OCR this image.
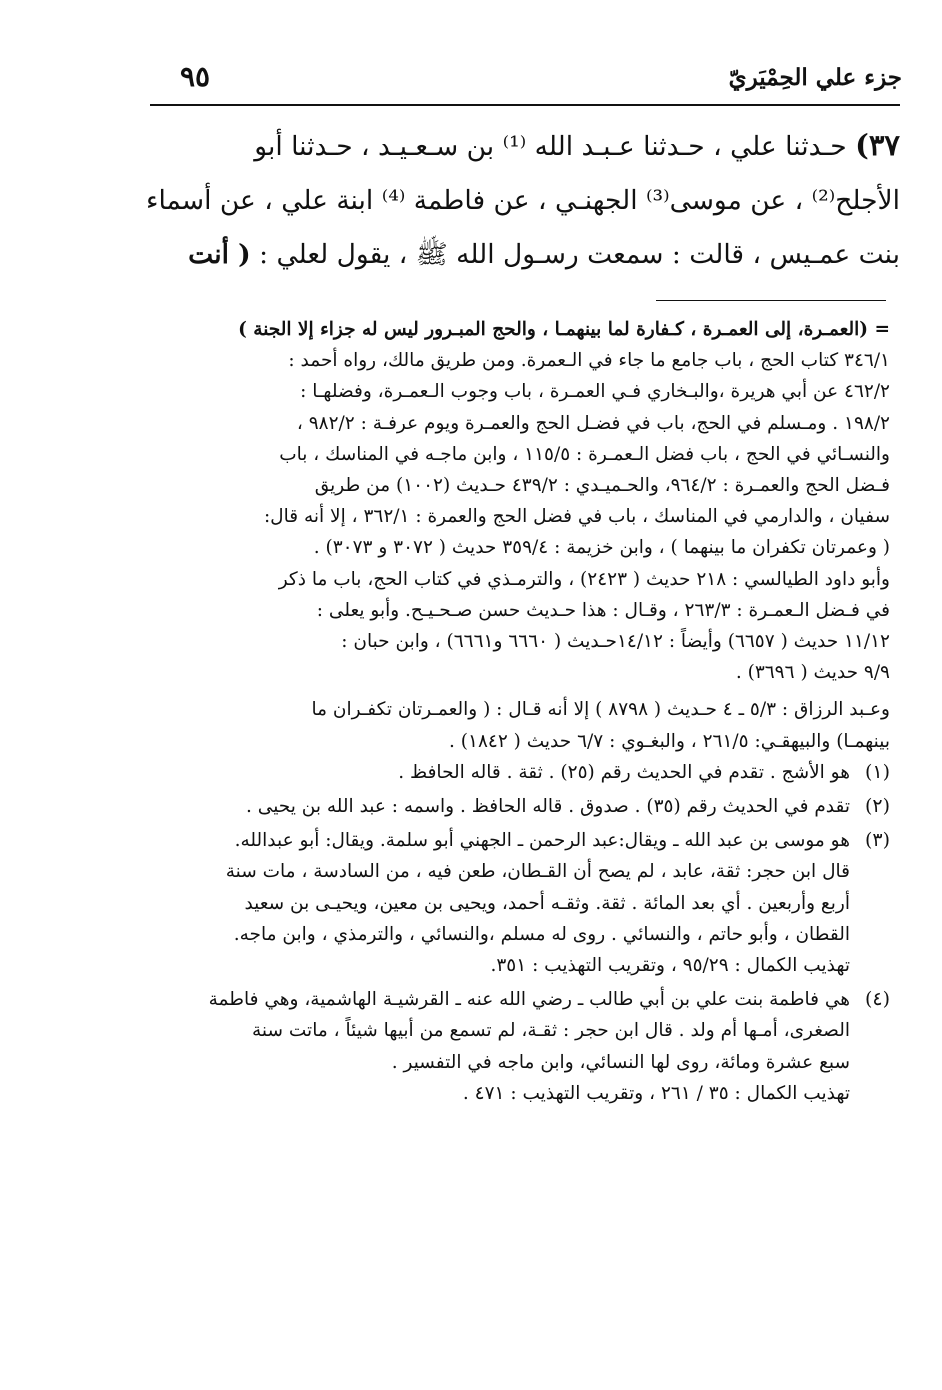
جزء علي الحِمْيَريّ
٩٥
٣٧) حـدثنا علي ، حـدثنا عـبـد الله ⁽¹⁾ بن سـعـيـد ، حـدثنا أبو
الأجلح⁽²⁾ ، عن موسى⁽³⁾ الجهنـي ، عن فاطمة ⁽⁴⁾ ابنة علي ، عن أسماء
بنت عمـيس ، قالت : سمعت رسـول الله ﷺ ، يقول لعلي : ( أنت
= (العمـرة، إلى العمـرة ، كـفارة لما بينهمـا ، والحج المبـرور ليس له جزاء إلا الجنة )
٣٤٦/١ كتاب الحج ، باب جامع ما جاء في الـعمرة. ومن طريق مالك، رواه أحمد :
٤٦٢/٢ عن أبي هريرة ،والبـخاري فـي العمـرة ، باب وجوب الـعمـرة، وفضلهـا :
١٩٨/٢ . ومـسلم في الحج، باب في فضـل الحج والعمـرة ويوم عرفـة : ٩٨٢/٢ ،
والنسـائي في الحج ، باب فضل الـعمـرة : ١١٥/٥ ، وابن ماجـه في المناسك ، باب
فـضل الحج والعمـرة : ٩٦٤/٢، والحـميـدي : ٤٣٩/٢ حـديث (١٠٠٢) من طريق
سفيان ، والدارمي في المناسك ، باب في فضل الحج والعمرة : ٣٦٢/١ ، إلا أنه قال:
( وعمرتان تكفران ما بينهما ) ، وابن خزيمة : ٣٥٩/٤ حديث ( ٣٠٧٢ و ٣٠٧٣) .
وأبو داود الطيالسي : ٢١٨ حديث ( ٢٤٢٣) ، والترمـذي في كتاب الحج، باب ما ذكر
في فـضل الـعمـرة : ٢٦٣/٣ ، وقـال : هذا حـديث حسن صـحـيـح. وأبو يعلى :
١١/١٢ حديث ( ٦٦٥٧) وأيضاً : ١٤/١٢حـديث ( ٦٦٦٠ و٦٦٦١) ، وابن حبان :
٩/٩ حديث ( ٣٦٩٦) .
وعـبد الرزاق : ٥/٣ ـ ٤ حـديث ( ٨٧٩٨ ) إلا أنه قـال : ( والعمـرتان تكفـران ما
بينهمـا) والبيهقـي: ٢٦١/٥ ، والبغـوي : ٦/٧ حديث ( ١٨٤٢) .
(١)
هو الأشج . تقدم في الحديث رقم (٢٥) . ثقة . قاله الحافظ .
(٢)
تقدم في الحديث رقم (٣٥) . صدوق . قاله الحافظ . واسمه : عبد الله بن يحيى .
(٣)
هو موسى بن عبد الله ـ ويقال:عبد الرحمن ـ الجهني أبو سلمة. ويقال: أبو عبدالله.
قال ابن حجر: ثقة، عابد ، لم يصح أن القـطان، طعن فيه ، من السادسة ، مات سنة
أربع وأربعين . أي بعد المائة . ثقة. وثقـه أحمد، ويحيى بن معين، ويحيـى بن سعيد
القطان ، وأبو حاتم ، والنسائي . روى له مسلم ،والنسائي ، والترمذي ، وابن ماجه.
تهذيب الكمال : ٩٥/٢٩ ، وتقريب التهذيب : ٣٥١.
(٤)
هي فاطمة بنت علي بن أبي طالب ـ رضي الله عنه ـ القرشيـة الهاشمية، وهي فاطمة
الصغرى، أمـها أم ولد . قال ابن حجر : ثقـة، لم تسمع من أبيها شيئاً ، ماتت سنة
سبع عشرة ومائة، روى لها النسائي، وابن ماجه في التفسير .
تهذيب الكمال : ٣٥ / ٢٦١ ، وتقريب التهذيب : ٤٧١ .
